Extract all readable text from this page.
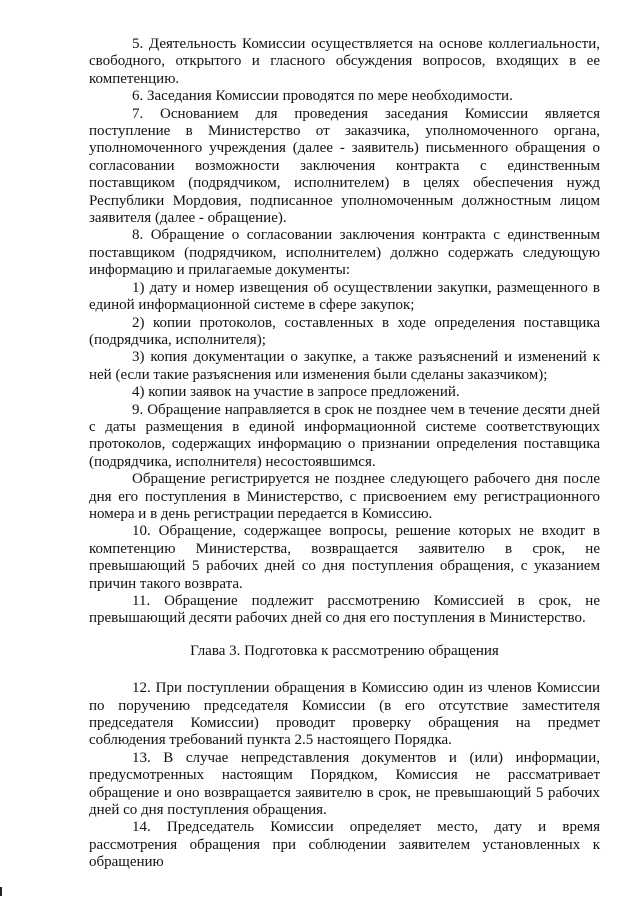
5. Деятельность Комиссии осуществляется на основе коллегиальности, свободного, открытого и гласного обсуждения вопросов, входящих в ее компетенцию.

6. Заседания Комиссии проводятся по мере необходимости.

7. Основанием для проведения заседания Комиссии является поступление в Министерство от заказчика, уполномоченного органа, уполномоченного учреждения (далее - заявитель) письменного обращения о согласовании возможности заключения контракта с единственным поставщиком (подрядчиком, исполнителем) в целях обеспечения нужд Республики Мордовия, подписанное уполномоченным должностным лицом заявителя (далее - обращение).

8. Обращение о согласовании заключения контракта с единственным поставщиком (подрядчиком, исполнителем) должно содержать следующую информацию и прилагаемые документы:

1) дату и номер извещения об осуществлении закупки, размещенного в единой информационной системе в сфере закупок;

2) копии протоколов, составленных в ходе определения поставщика (подрядчика, исполнителя);

3) копия документации о закупке, а также разъяснений и изменений к ней (если такие разъяснения или изменения были сделаны заказчиком);

4) копии заявок на участие в запросе предложений.

9. Обращение направляется в срок не позднее чем в течение десяти дней с даты размещения в единой информационной системе соответствующих протоколов, содержащих информацию о признании определения поставщика (подрядчика, исполнителя) несостоявшимся.

Обращение регистрируется не позднее следующего рабочего дня после дня его поступления в Министерство, с присвоением ему регистрационного номера и в день регистрации передается в Комиссию.

10. Обращение, содержащее вопросы, решение которых не входит в компетенцию Министерства, возвращается заявителю в срок, не превышающий 5 рабочих дней со дня поступления обращения, с указанием причин такого возврата.

11. Обращение подлежит рассмотрению Комиссией в срок, не превышающий десяти рабочих дней со дня его поступления в Министерство.

Глава 3. Подготовка к рассмотрению обращения

12. При поступлении обращения в Комиссию один из членов Комиссии по поручению председателя Комиссии (в его отсутствие заместителя председателя Комиссии) проводит проверку обращения на предмет соблюдения требований пункта 2.5 настоящего Порядка.

13. В случае непредставления документов и (или) информации, предусмотренных настоящим Порядком, Комиссия не рассматривает обращение и оно возвращается заявителю в срок, не превышающий 5 рабочих дней со дня поступления обращения.

14. Председатель Комиссии определяет место, дату и время рассмотрения обращения при соблюдении заявителем установленных к обращению
